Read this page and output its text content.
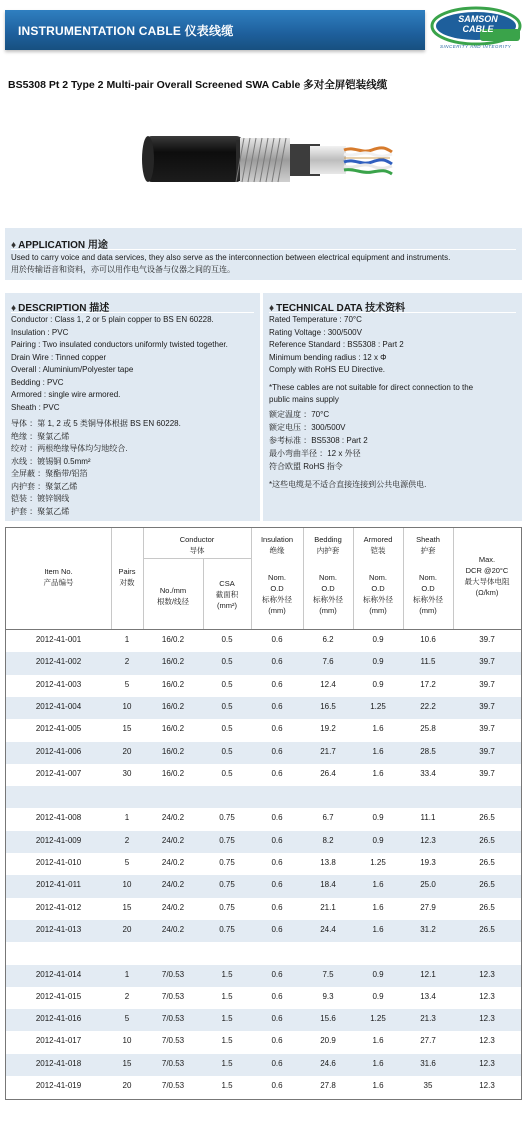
INSTRUMENTATION CABLE 仪表线缆
SAMSON CABLE
SINCERITY AND INTEGRITY
BS5308 Pt 2 Type 2 Multi-pair Overall Screened SWA Cable 多对全屏铠装线缆
♦ APPLICATION 用途
Used to carry voice and data services, they also serve as the interconnection between electrical equipment and instruments.
用於传输语音和资料，亦可以用作电气设备与仪器之间的互连。
♦ DESCRIPTION 描述
Conductor : Class 1, 2 or 5 plain copper to BS EN 60228.
Insulation : PVC
Pairing : Two insulated conductors uniformly twisted together.
Drain Wire : Tinned copper
Overall : Aluminium/Polyester tape
Bedding : PVC
Armored : single wire armored.
Sheath : PVC
导体 ：第 1, 2 或 5 类铜导体根据 BS EN 60228.
绝缘 ：聚氯乙烯
绞对 ：两根绝缘导体均匀地绞合.
水线 ：镀锡铜 0.5mm²
全屏蔽 ：聚酯带/铝箔
内护套 ：聚氯乙烯
铠装 ：镀锌钢线
护套 ：聚氯乙烯
♦ TECHNICAL DATA 技术资料
Rated Temperature : 70°C
Rating Voltage : 300/500V
Reference Standard : BS5308 : Part 2
Minimum bending radius : 12 x Φ
Comply with RoHS EU Directive.
*These cables are not suitable for direct connection to the
public mains supply
额定温度 ：70°C
额定电压 ：300/500V
参考标准 ：BS5308 : Part 2
最小弯曲半径 ：12 x 外径
符合欧盟 RoHS 指令
*这些电缆是不适合直接连接到公共电源供电.
Item No.
产品编号
Pairs
对数
Conductor
导体
No./mm
根数/线径
CSA
截面积
(mm²)
Insulation
绝缘
Nom.
O.D
标称外径
(mm)
Bedding
内护套
Nom.
O.D
标称外径
(mm)
Armored
铠装
Nom.
O.D
标称外径
(mm)
Sheath
护套
Nom.
O.D
标称外径
(mm)
Max.
DCR @20°C
最大导体电阻
(Ω/km)
2012-41-001	1	16/0.2	0.5	0.6	6.2	0.9	10.6	39.7
2012-41-002	2	16/0.2	0.5	0.6	7.6	0.9	11.5	39.7
2012-41-003	5	16/0.2	0.5	0.6	12.4	0.9	17.2	39.7
2012-41-004	10	16/0.2	0.5	0.6	16.5	1.25	22.2	39.7
2012-41-005	15	16/0.2	0.5	0.6	19.2	1.6	25.8	39.7
2012-41-006	20	16/0.2	0.5	0.6	21.7	1.6	28.5	39.7
2012-41-007	30	16/0.2	0.5	0.6	26.4	1.6	33.4	39.7
2012-41-008	1	24/0.2	0.75	0.6	6.7	0.9	11.1	26.5
2012-41-009	2	24/0.2	0.75	0.6	8.2	0.9	12.3	26.5
2012-41-010	5	24/0.2	0.75	0.6	13.8	1.25	19.3	26.5
2012-41-011	10	24/0.2	0.75	0.6	18.4	1.6	25.0	26.5
2012-41-012	15	24/0.2	0.75	0.6	21.1	1.6	27.9	26.5
2012-41-013	20	24/0.2	0.75	0.6	24.4	1.6	31.2	26.5
2012-41-014	1	7/0.53	1.5	0.6	7.5	0.9	12.1	12.3
2012-41-015	2	7/0.53	1.5	0.6	9.3	0.9	13.4	12.3
2012-41-016	5	7/0.53	1.5	0.6	15.6	1.25	21.3	12.3
2012-41-017	10	7/0.53	1.5	0.6	20.9	1.6	27.7	12.3
2012-41-018	15	7/0.53	1.5	0.6	24.6	1.6	31.6	12.3
2012-41-019	20	7/0.53	1.5	0.6	27.8	1.6	35	12.3
